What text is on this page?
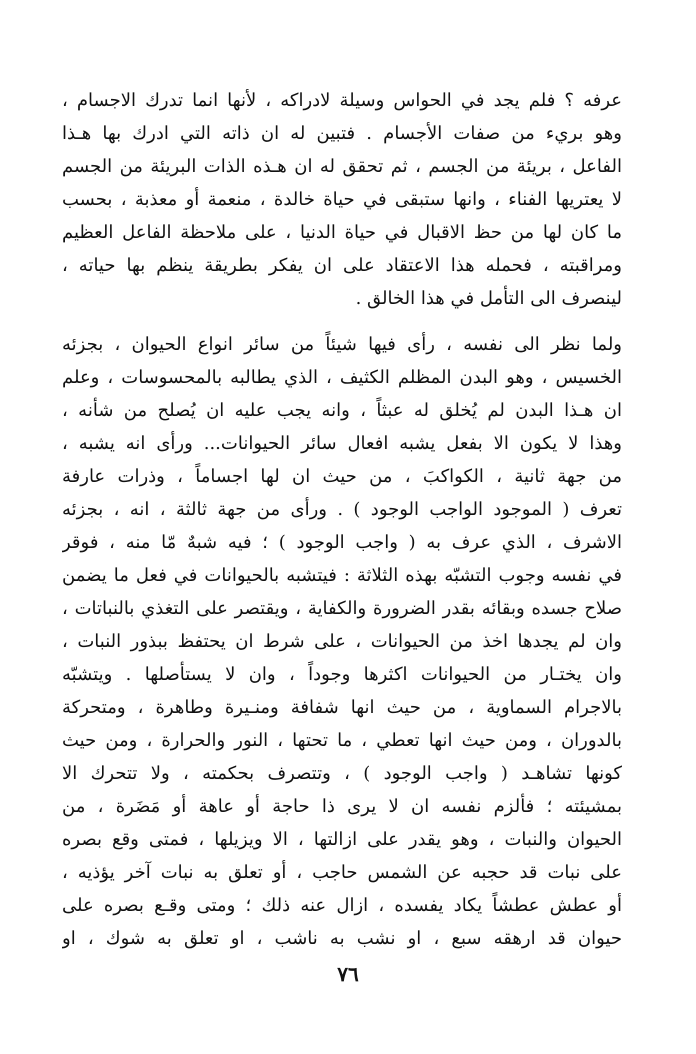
عرفه ؟ فلم يجد في الحواس وسيلة لادراكه ، لأنها انما تدرك الاجسام ،
وهو بريء من صفات الأجسام . فتبين له ان ذاته التي ادرك بها هـذا
الفاعل ، بريئة من الجسم ، ثم تحقق له ان هـذه الذات البريئة من الجسم
لا يعتريها الفناء ، وانها ستبقى في حياة خالدة ، منعمة أو معذبة ، بحسب
ما كان لها من حظ الاقبال في حياة الدنيا ، على ملاحظة الفاعل العظيم
ومراقبته ، فحمله هذا الاعتقاد على ان يفكر بطريقة ينظم بها حياته ،
لينصرف الى التأمل في هذا الخالق .
ولما نظر الى نفسه ، رأى فيها شيئاً من سائر انواع الحيوان ، بجزئه
الخسيس ، وهو البدن المظلم الكثيف ، الذي يطالبه بالمحسوسات ، وعلم
ان هـذا البدن لم يُخلق له عبثاً ، وانه يجب عليه ان يُصلح من شأنه ،
وهذا لا يكون الا بفعل يشبه افعال سائر الحيوانات... ورأى انه يشبه ،
من جهة ثانية ، الكواكبَ ، من حيث ان لها اجساماً ، وذرات عارفة
تعرف ( الموجود الواجب الوجود ) . ورأى من جهة ثالثة ، انه ، بجزئه
الاشرف ، الذي عرف به ( واجب الوجود ) ؛ فيه شبهٌ مّا منه ، فوقر
في نفسه وجوب التشبّه بهذه الثلاثة : فيتشبه بالحيوانات في فعل ما يضمن
صلاح جسده وبقائه بقدر الضرورة والكفاية ، ويقتصر على التغذي بالنباتات ،
وان لم يجدها اخذ من الحيوانات ، على شرط ان يحتفظ ببذور النبات ،
وان يختـار من الحيوانات اكثرها وجوداً ، وان لا يستأصلها . ويتشبّه
بالاجرام السماوية ، من حيث انها شفافة ومنـيرة وطاهرة ، ومتحركة
بالدوران ، ومن حيث انها تعطي ، ما تحتها ، النور والحرارة ، ومن حيث
كونها تشاهـد ( واجب الوجود ) ، وتتصرف بحكمته ، ولا تتحرك الا
بمشيئته ؛ فألزم نفسه ان لا يرى ذا حاجة أو عاهة أو مَضَرة ، من
الحيوان والنبات ، وهو يقدر على ازالتها ، الا ويزيلها ، فمتى وقع بصره
على نبات قد حجبه عن الشمس حاجب ، أو تعلق به نبات آخر يؤذيه ،
أو عطش عطشاً يكاد يفسده ، ازال عنه ذلك ؛ ومتى وقـع بصره على
حيوان قد ارهقه سبع ، او نشب به ناشب ، او تعلق به شوك ، او
٧٦
